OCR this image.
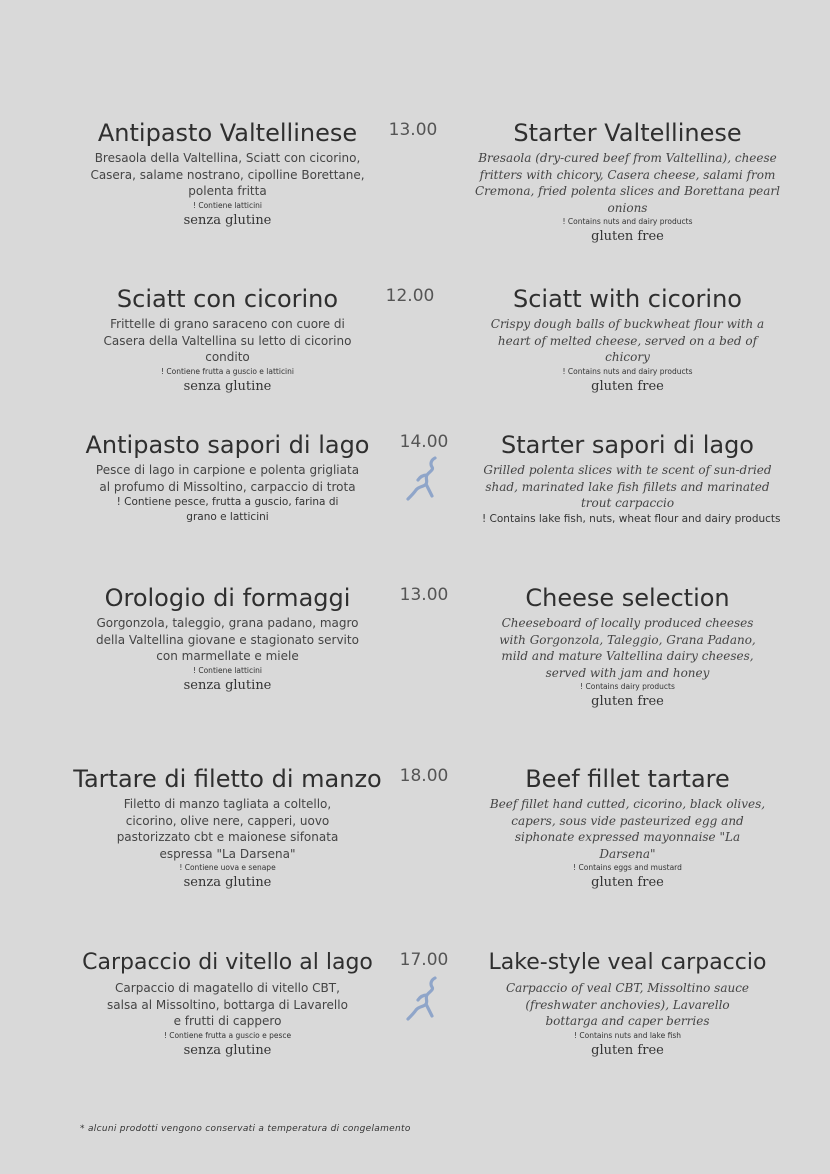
Antipasto Valtellinese
Bresaola della Valtellina, Sciatt con cicorino, Casera, salame nostrano, cipolline Borettane, polenta fritta
! Contiene latticini
senza glutine
13.00	Starter Valtellinese
Bresaola (dry-cured beef from Valtellina), cheese fritters with chicory, Casera cheese, salami from Cremona, fried polenta slices and Borettana pearl onions
! Contains nuts and dairy products
gluten free
Sciatt con cicorino
Frittelle di grano saraceno con cuore di Casera della Valtellina su letto di cicorino condito
! Contiene frutta a guscio e latticini
senza glutine
12.00	Sciatt with cicorino
Crispy dough balls of buckwheat flour with a heart of melted cheese, served on a bed of chicory
! Contains nuts and dairy products
gluten free
Antipasto sapori di lago
Pesce di lago in carpione e polenta grigliata al profumo di Missoltino, carpaccio di trota
! Contiene pesce, frutta a guscio, farina di grano e latticini
14.00	Starter sapori di lago
Grilled polenta slices with te scent of sun-dried shad, marinated lake fish fillets and marinated trout carpaccio
! Contains lake fish, nuts, wheat flour and dairy products
Orologio di formaggi
Gorgonzola, taleggio, grana padano, magro della Valtellina giovane e stagionato servito con marmellate e miele
! Contiene latticini
senza glutine
13.00	Cheese selection
Cheeseboard of locally produced cheeses with Gorgonzola, Taleggio, Grana Padano, mild and mature Valtellina dairy cheeses, served with jam and honey
! Contains dairy products
gluten free
Tartare di filetto di manzo
Filetto di manzo tagliata a coltello, cicorino, olive nere, capperi, uovo pastorizzato cbt e maionese sifonata espressa "La Darsena"
! Contiene uova e senape
senza glutine
18.00	Beef fillet tartare
Beef fillet hand cutted, cicorino, black olives, capers, sous vide pasteurized egg and siphonate expressed mayonnaise "La Darsena"
! Contains eggs and mustard
gluten free
Carpaccio di vitello al lago
Carpaccio di magatello di vitello CBT, salsa al Missoltino, bottarga di Lavarello e frutti di cappero
! Contiene frutta a guscio e pesce
senza glutine
17.00	Lake-style veal carpaccio
Carpaccio of veal CBT, Missoltino sauce (freshwater anchovies), Lavarello bottarga and caper berries
! Contains nuts and lake fish
gluten free
* alcuni prodotti vengono conservati a temperatura di congelamento
